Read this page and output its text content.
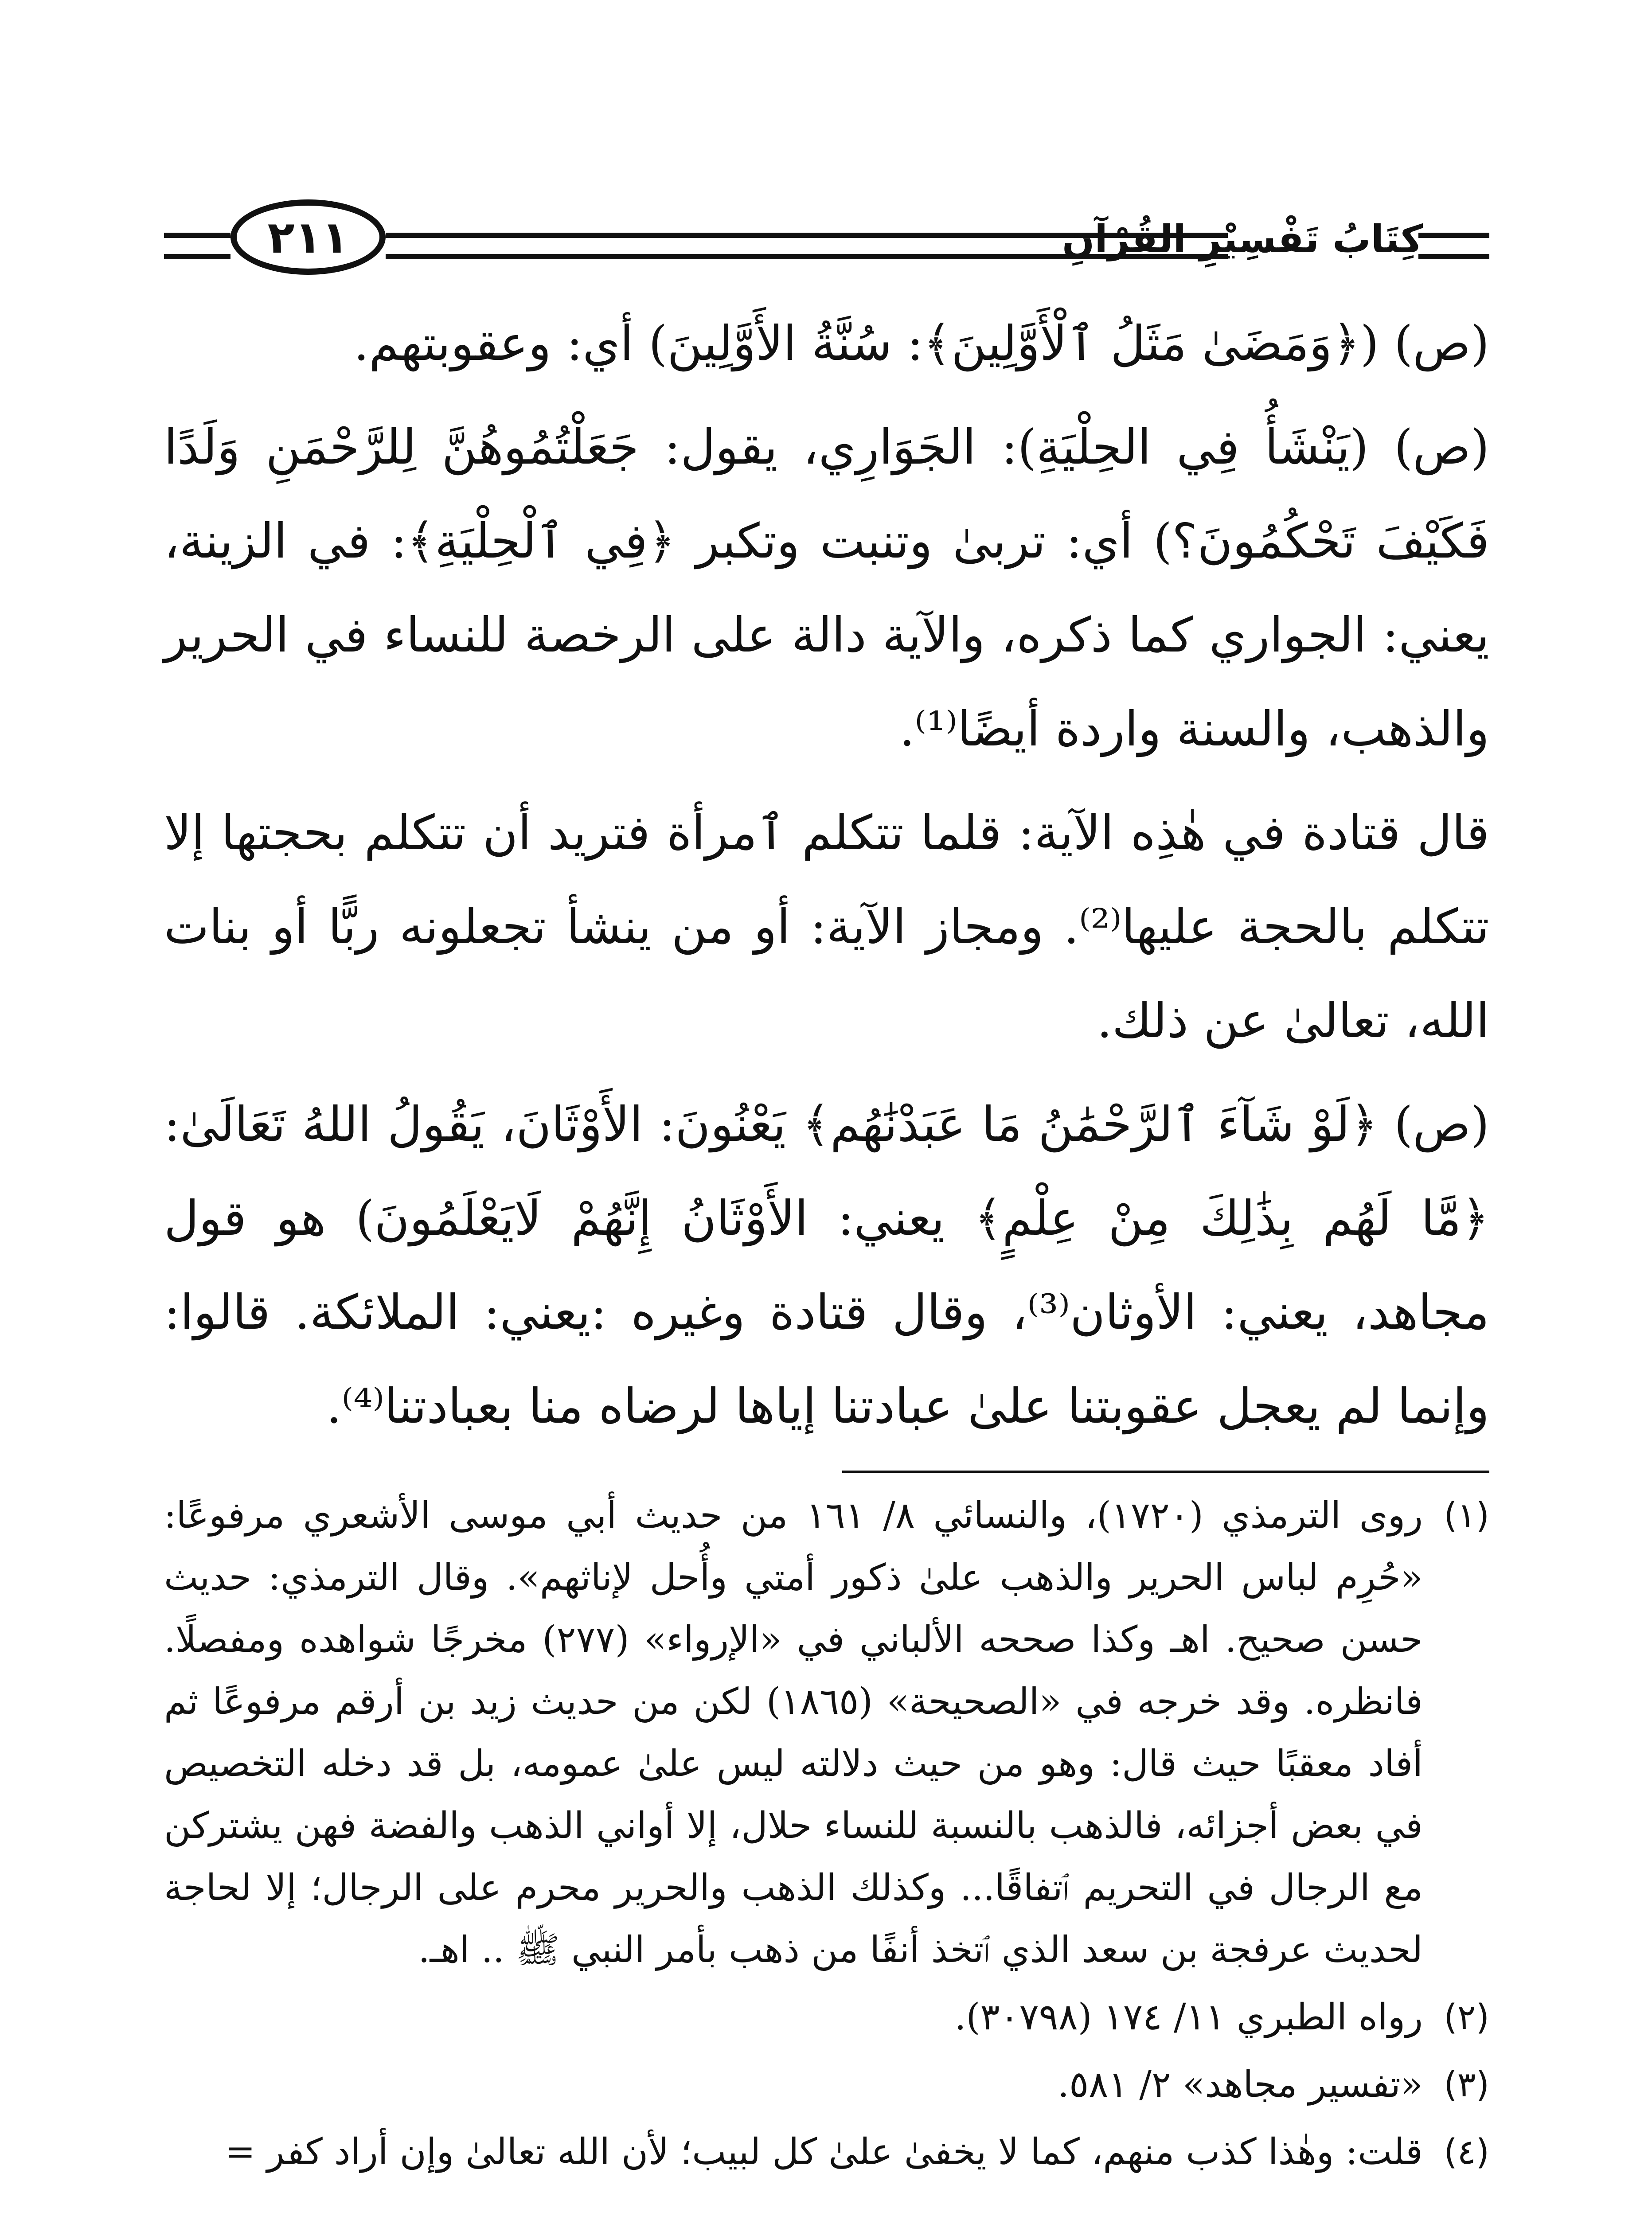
٢١١	كِتَابُ تَفْسِيْرِ القُرْآنِ

(ص) (﴿وَمَضَىٰ مَثَلُ ٱلْأَوَّلِينَ﴾: سُنَّةُ الأَوَّلِينَ) أي: وعقوبتهم.

(ص) (يَنْشَأُ فِي الحِلْيَةِ): الجَوَارِي، يقول: جَعَلْتُمُوهُنَّ لِلرَّحْمَنِ وَلَدًا فَكَيْفَ تَحْكُمُونَ؟) أي: تربىٰ وتنبت وتكبر ﴿فِي ٱلْحِلْيَةِ﴾: في الزينة، يعني: الجواري كما ذكره، والآية دالة على الرخصة للنساء في الحرير والذهب، والسنة واردة أيضًا⁽¹⁾.

قال قتادة في هٰذِه الآية: قلما تتكلم ٱمرأة فتريد أن تتكلم بحجتها إلا تتكلم بالحجة عليها⁽²⁾. ومجاز الآية: أو من ينشأ تجعلونه ربًّا أو بنات الله، تعالىٰ عن ذلك.

(ص) ﴿لَوْ شَآءَ ٱلرَّحْمَٰنُ مَا عَبَدْنَٰهُم﴾ يَعْنُونَ: الأَوْثَانَ، يَقُولُ اللهُ تَعَالَىٰ: ﴿مَّا لَهُم بِذَٰلِكَ مِنْ عِلْمٍ﴾ يعني: الأَوْثَانُ إِنَّهُمْ لَايَعْلَمُونَ) هو قول مجاهد، يعني: الأوثان⁽³⁾، وقال قتادة وغيره :يعني: الملائكة. قالوا: وإنما لم يعجل عقوبتنا علىٰ عبادتنا إياها لرضاه منا بعبادتنا⁽⁴⁾.

(١)
روى الترمذي (١٧٢٠)، والنسائي ٨/ ١٦١ من حديث أبي موسى الأشعري مرفوعًا: «حُرِم لباس الحرير والذهب علىٰ ذكور أمتي وأُحل لإناثهم». وقال الترمذي: حديث حسن صحيح. اهـ وكذا صححه الألباني في «الإرواء» (٢٧٧) مخرجًا شواهده ومفصلًا. فانظره. وقد خرجه في «الصحيحة» (١٨٦٥) لكن من حديث زيد بن أرقم مرفوعًا ثم أفاد معقبًا حيث قال: وهو من حيث دلالته ليس علىٰ عمومه، بل قد دخله التخصيص في بعض أجزائه، فالذهب بالنسبة للنساء حلال، إلا أواني الذهب والفضة فهن يشتركن مع الرجال في التحريم ٱتفاقًا... وكذلك الذهب والحرير محرم على الرجال؛ إلا لحاجة لحديث عرفجة بن سعد الذي ٱتخذ أنفًا من ذهب بأمر النبي ﷺ .. اهـ.
(٢)
رواه الطبري ١١/ ١٧٤ (٣٠٧٩٨).
(٣)
«تفسير مجاهد» ٢/ ٥٨١.
(٤)
قلت: وهٰذا كذب منهم، كما لا يخفىٰ علىٰ كل لبيب؛ لأن الله تعالىٰ وإن أراد كفر =
